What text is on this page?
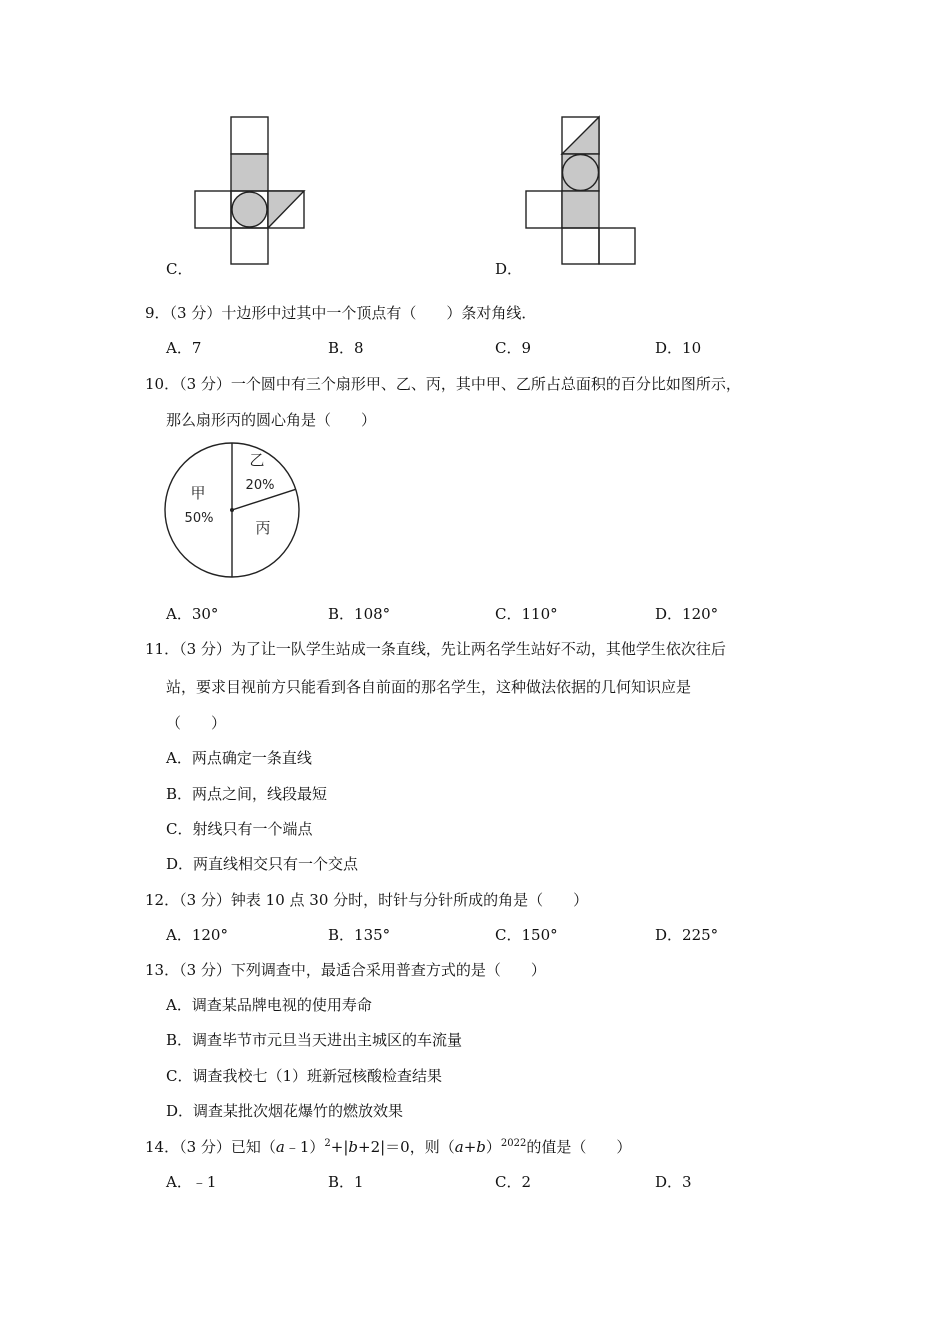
C．	D．
9．（3 分）十边形中过其中一个顶点有（　　）条对角线．
A．7	B．8	C．9	D．10
10．（3 分）一个圆中有三个扇形甲、乙、丙，其中甲、乙所占总面积的百分比如图所示，
那么扇形丙的圆心角是（　　）
甲
50%
乙
20%
丙
A．30°	B．108°	C．110°	D．120°
11．（3 分）为了让一队学生站成一条直线，先让两名学生站好不动，其他学生依次往后
站，要求目视前方只能看到各自前面的那名学生，这种做法依据的几何知识应是
（　　）
A．两点确定一条直线
B．两点之间，线段最短
C．射线只有一个端点
D．两直线相交只有一个交点
12．（3 分）钟表 10 点 30 分时，时针与分针所成的角是（　　）
A．120°	B．135°	C．150°	D．225°
13．（3 分）下列调查中，最适合采用普查方式的是（　　）
A．调查某品牌电视的使用寿命
B．调查毕节市元旦当天进出主城区的车流量
C．调查我校七（1）班新冠核酸检查结果
D．调查某批次烟花爆竹的燃放效果
14．（3 分）已知（a﹣1）$^2$+|b+2|＝0，则$(a+b)^{2022}$的值是（　　）
A．﹣1	B．1	C．2	D．3
